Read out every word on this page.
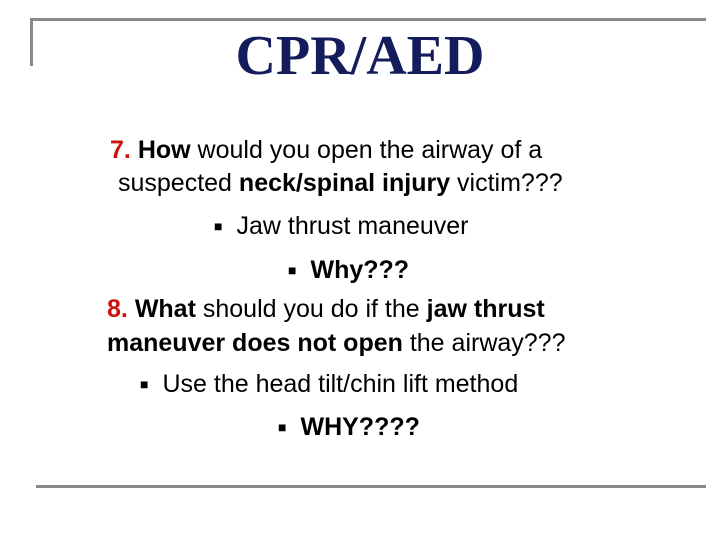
CPR/AED
7. How would you open the airway of a
suspected neck/spinal injury victim???
■ Jaw thrust maneuver
■ Why???
8. What should you do if the jaw thrust
maneuver does not open the airway???
■ Use the head tilt/chin lift method
■ WHY????
